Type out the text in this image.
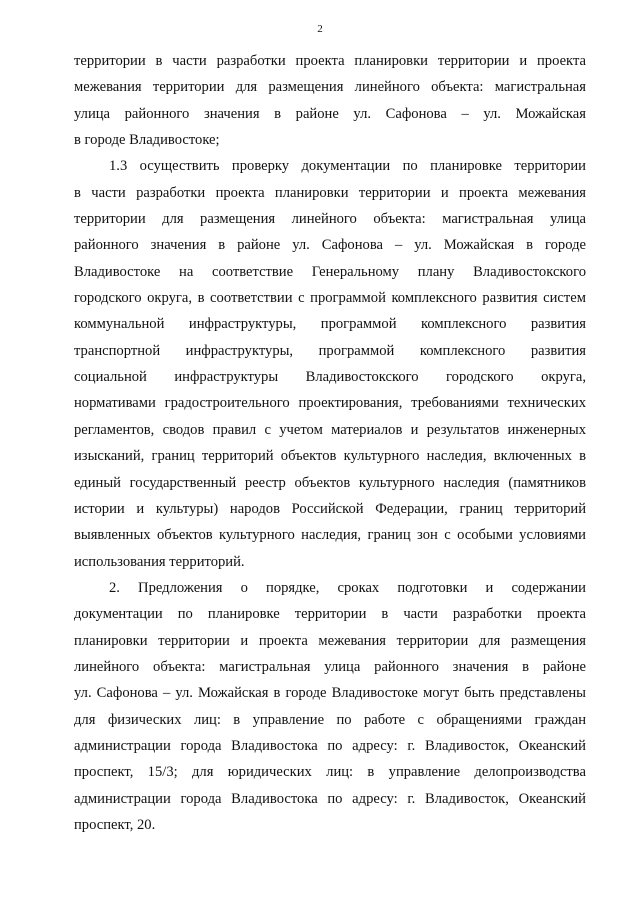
2
территории в части разработки проекта планировки территории и проекта
межевания территории для размещения линейного объекта: магистральная
улица районного значения в районе ул. Сафонова – ул. Можайская
в городе Владивостоке;
1.3 осуществить проверку документации по планировке территории
в части разработки проекта планировки территории и проекта межевания
территории для размещения линейного объекта: магистральная улица
районного значения в районе ул. Сафонова – ул. Можайская в городе
Владивостоке на соответствие Генеральному плану Владивостокского
городского округа, в соответствии с программой комплексного развития систем
коммунальной инфраструктуры, программой комплексного развития
транспортной инфраструктуры, программой комплексного развития
социальной инфраструктуры Владивостокского городского округа,
нормативами градостроительного проектирования, требованиями технических
регламентов, сводов правил с учетом материалов и результатов инженерных
изысканий, границ территорий объектов культурного наследия, включенных в
единый государственный реестр объектов культурного наследия (памятников
истории и культуры) народов Российской Федерации, границ территорий
выявленных объектов культурного наследия, границ зон с особыми условиями
использования территорий.
2. Предложения о порядке, сроках подготовки и содержании
документации по планировке территории в части разработки проекта
планировки территории и проекта межевания территории для размещения
линейного объекта: магистральная улица районного значения в районе
ул. Сафонова – ул. Можайская в городе Владивостоке могут быть представлены
для физических лиц: в управление по работе с обращениями граждан
администрации города Владивостока по адресу: г. Владивосток, Океанский
проспект, 15/3; для юридических лиц: в управление делопроизводства
администрации города Владивостока по адресу: г. Владивосток, Океанский
проспект, 20.
